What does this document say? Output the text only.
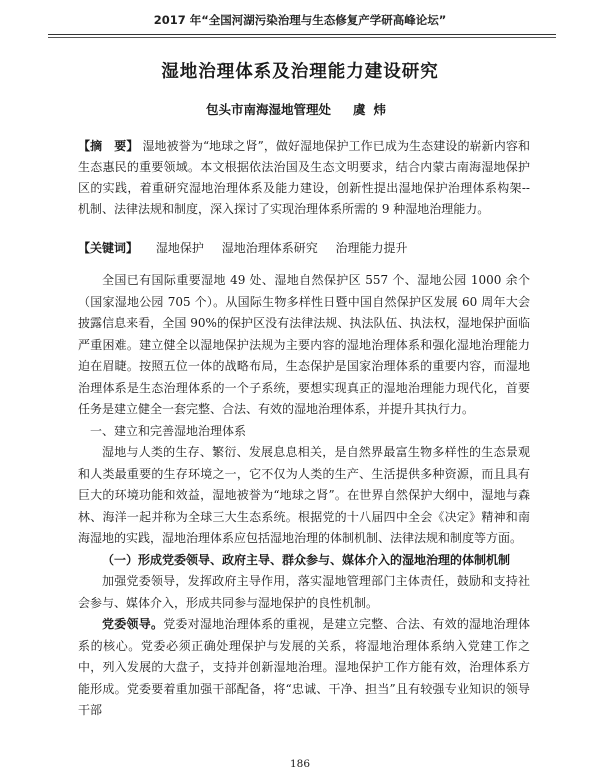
2017 年“全国河湖污染治理与生态修复产学研高峰论坛”
湿地治理体系及治理能力建设研究
包头市南海湿地管理处 虞炜
【摘　要】 湿地被誉为“地球之肾”，做好湿地保护工作已成为生态建设的崭新内容和生态惠民的重要领域。本文根据依法治国及生态文明要求，结合内蒙古南海湿地保护区的实践，着重研究湿地治理体系及能力建设，创新性提出湿地保护治理体系构架--机制、法律法规和制度，深入探讨了实现治理体系所需的 9 种湿地治理能力。
【关键词】 湿地保护 湿地治理体系研究 治理能力提升

全国已有国际重要湿地 49 处、湿地自然保护区 557 个、湿地公园 1000 余个（国家湿地公园 705 个）。从国际生物多样性日暨中国自然保护区发展 60 周年大会披露信息来看，全国 90%的保护区没有法律法规、执法队伍、执法权，湿地保护面临严重困难。建立健全以湿地保护法规为主要内容的湿地治理体系和强化湿地治理能力迫在眉睫。按照五位一体的战略布局，生态保护是国家治理体系的重要内容，而湿地治理体系是生态治理体系的一个子系统，要想实现真正的湿地治理能力现代化，首要任务是建立健全一套完整、合法、有效的湿地治理体系，并提升其执行力。

一、建立和完善湿地治理体系

湿地与人类的生存、繁衍、发展息息相关，是自然界最富生物多样性的生态景观和人类最重要的生存环境之一，它不仅为人类的生产、生活提供多种资源，而且具有巨大的环境功能和效益，湿地被誉为“地球之肾”。在世界自然保护大纲中，湿地与森林、海洋一起并称为全球三大生态系统。根据党的十八届四中全会《决定》精神和南海湿地的实践，湿地治理体系应包括湿地治理的体制机制、法律法规和制度等方面。

（一）形成党委领导、政府主导、群众参与、媒体介入的湿地治理的体制机制

加强党委领导，发挥政府主导作用，落实湿地管理部门主体责任，鼓励和支持社会参与、媒体介入，形成共同参与湿地保护的良性机制。

党委领导。党委对湿地治理体系的重视，是建立完整、合法、有效的湿地治理体系的核心。党委必须正确处理保护与发展的关系，将湿地治理体系纳入党建工作之中，列入发展的大盘子，支持并创新湿地治理。湿地保护工作方能有效，治理体系方能形成。党委要着重加强干部配备，将“忠诚、干净、担当”且有较强专业知识的领导干部

186
